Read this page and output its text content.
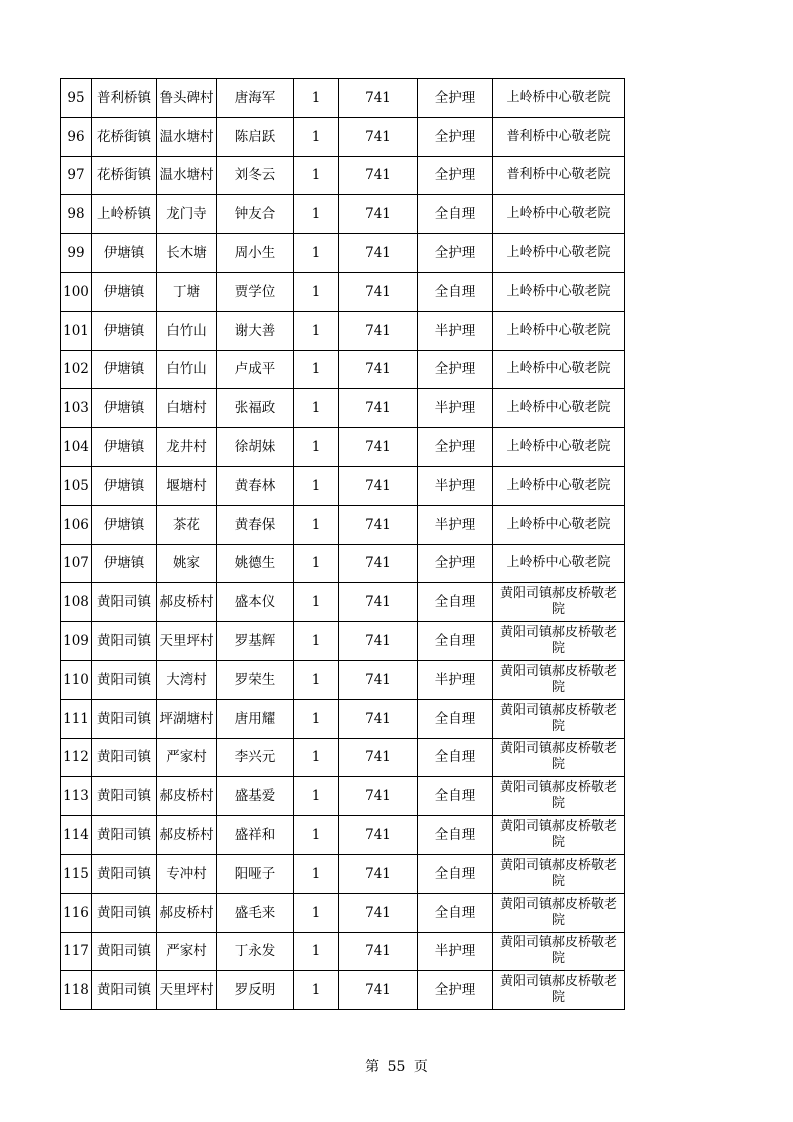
95	普利桥镇	鲁头碑村	唐海军	1	741	全护理	上岭桥中心敬老院
96	花桥街镇	温水塘村	陈启跃	1	741	全护理	普利桥中心敬老院
97	花桥街镇	温水塘村	刘冬云	1	741	全护理	普利桥中心敬老院
98	上岭桥镇	龙门寺	钟友合	1	741	全自理	上岭桥中心敬老院
99	伊塘镇	长木塘	周小生	1	741	全护理	上岭桥中心敬老院
100	伊塘镇	丁塘	贾学位	1	741	全自理	上岭桥中心敬老院
101	伊塘镇	白竹山	谢大善	1	741	半护理	上岭桥中心敬老院
102	伊塘镇	白竹山	卢成平	1	741	全护理	上岭桥中心敬老院
103	伊塘镇	白塘村	张福政	1	741	半护理	上岭桥中心敬老院
104	伊塘镇	龙井村	徐胡妹	1	741	全护理	上岭桥中心敬老院
105	伊塘镇	堰塘村	黄春林	1	741	半护理	上岭桥中心敬老院
106	伊塘镇	茶花	黄春保	1	741	半护理	上岭桥中心敬老院
107	伊塘镇	姚家	姚德生	1	741	全护理	上岭桥中心敬老院
108	黄阳司镇	郝皮桥村	盛本仪	1	741	全自理	黄阳司镇郝皮桥敬老院
109	黄阳司镇	天里坪村	罗基辉	1	741	全自理	黄阳司镇郝皮桥敬老院
110	黄阳司镇	大湾村	罗荣生	1	741	半护理	黄阳司镇郝皮桥敬老院
111	黄阳司镇	坪湖塘村	唐用耀	1	741	全自理	黄阳司镇郝皮桥敬老院
112	黄阳司镇	严家村	李兴元	1	741	全自理	黄阳司镇郝皮桥敬老院
113	黄阳司镇	郝皮桥村	盛基爱	1	741	全自理	黄阳司镇郝皮桥敬老院
114	黄阳司镇	郝皮桥村	盛祥和	1	741	全自理	黄阳司镇郝皮桥敬老院
115	黄阳司镇	专冲村	阳哑子	1	741	全自理	黄阳司镇郝皮桥敬老院
116	黄阳司镇	郝皮桥村	盛毛来	1	741	全自理	黄阳司镇郝皮桥敬老院
117	黄阳司镇	严家村	丁永发	1	741	半护理	黄阳司镇郝皮桥敬老院
118	黄阳司镇	天里坪村	罗反明	1	741	全护理	黄阳司镇郝皮桥敬老院
第 55 页
